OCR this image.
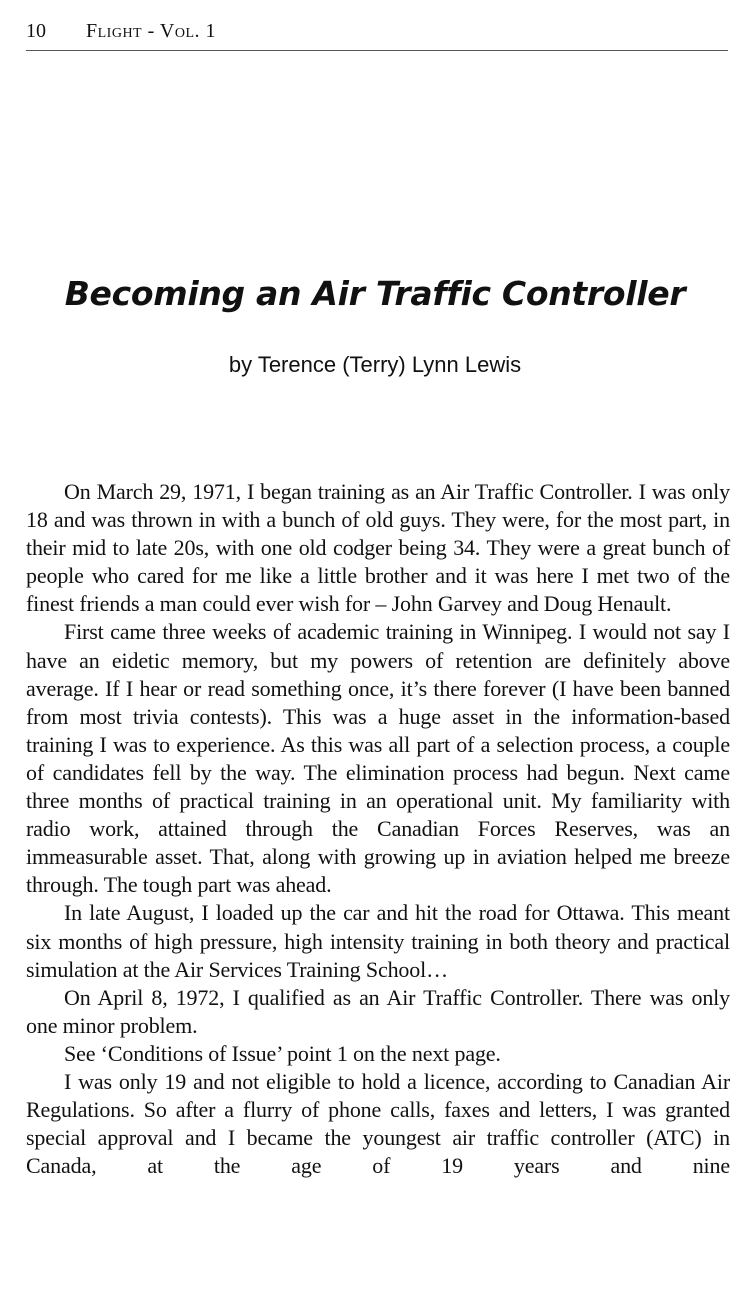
10 Flight - Vol. 1
Becoming an Air Traffic Controller
by Terence (Terry) Lynn Lewis

On March 29, 1971, I began training as an Air Traffic Controller. I was only 18 and was thrown in with a bunch of old guys. They were, for the most part, in their mid to late 20s, with one old codger being 34. They were a great bunch of people who cared for me like a little brother and it was here I met two of the finest friends a man could ever wish for – John Garvey and Doug Henault.

First came three weeks of academic training in Winnipeg. I would not say I have an eidetic memory, but my powers of retention are definitely above average. If I hear or read something once, it’s there forever (I have been banned from most trivia contests). This was a huge asset in the information-based training I was to experience. As this was all part of a selection process, a couple of candidates fell by the way. The elimination process had begun. Next came three months of practical training in an operational unit. My familiarity with radio work, attained through the Canadian Forces Reserves, was an immeasurable asset. That, along with growing up in aviation helped me breeze through. The tough part was ahead.

In late August, I loaded up the car and hit the road for Ottawa. This meant six months of high pressure, high intensity training in both theory and practical simulation at the Air Services Training School…

On April 8, 1972, I qualified as an Air Traffic Controller. There was only one minor problem.

See ‘Conditions of Issue’ point 1 on the next page.

I was only 19 and not eligible to hold a licence, according to Canadian Air Regulations. So after a flurry of phone calls, faxes and letters, I was granted special approval and I became the youngest air traffic controller (ATC) in Canada, at the age of 19 years and nine
